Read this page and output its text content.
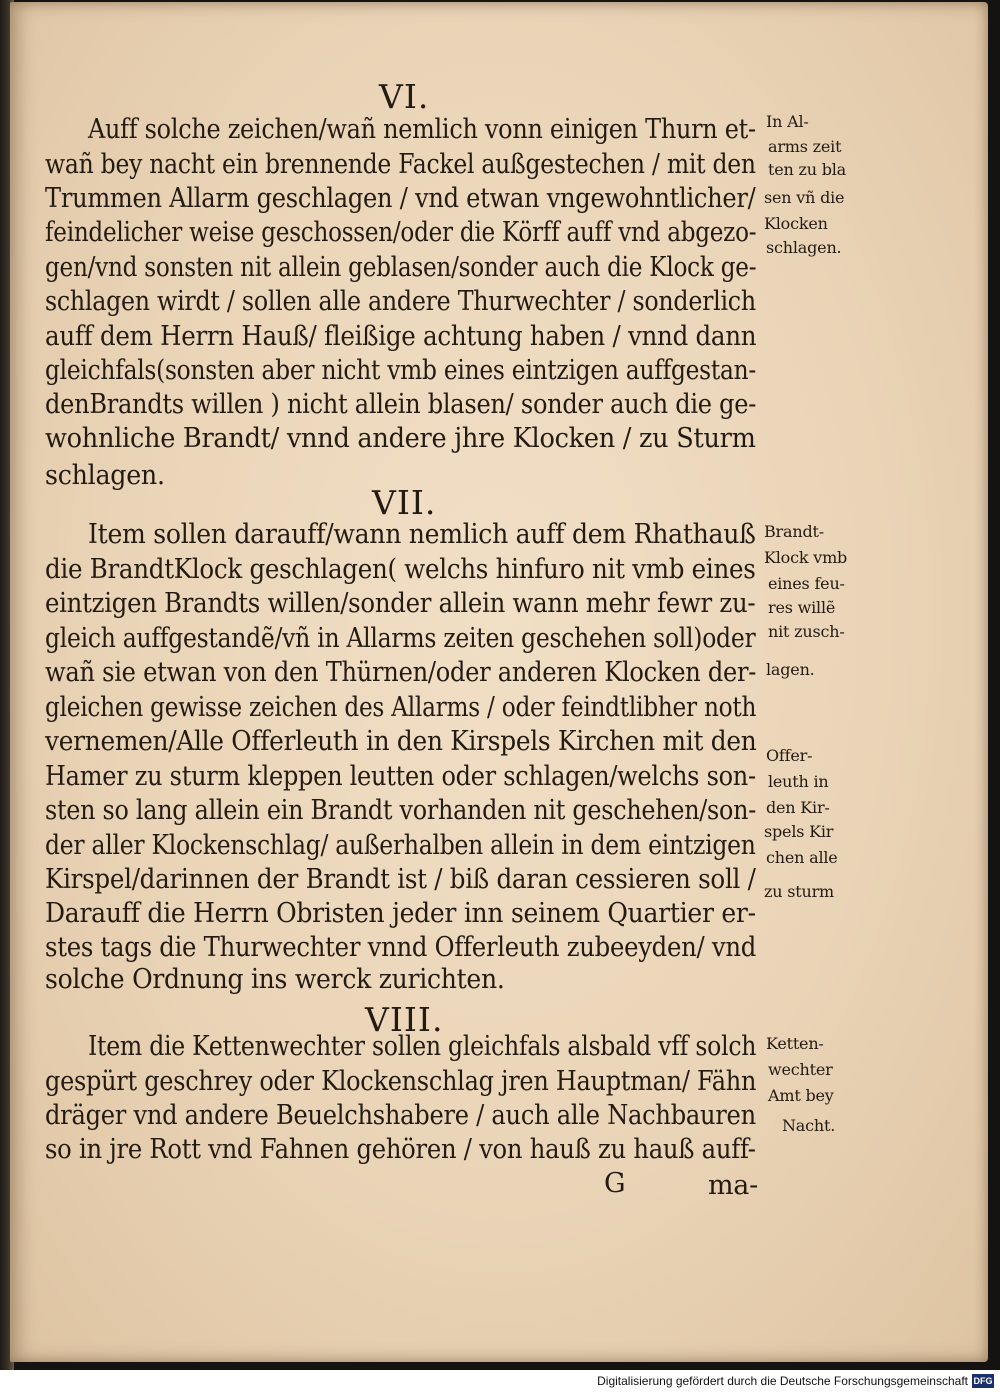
VI.
VII.
VIII.
Auff solche zeichen/wañ nemlich vonn einigen Thurn et-
wañ bey nacht ein brennende Fackel außgestechen / mit den
Trummen Allarm geschlagen / vnd etwan vngewohntlicher/
feindelicher weise geschossen/oder die Körff auff vnd abgezo-
gen/vnd sonsten nit allein geblasen/sonder auch die Klock ge-
schlagen wirdt / sollen alle andere Thurwechter / sonderlich
auff dem Herrn Hauß/ fleißige achtung haben / vnnd dann
gleichfals(sonsten aber nicht vmb eines eintzigen auffgestan-
denBrandts willen ) nicht allein blasen/ sonder auch die ge-
wohnliche Brandt/ vnnd andere jhre Klocken / zu Sturm
schlagen.
Item sollen darauff/wann nemlich auff dem Rhathauß
die BrandtKlock geschlagen( welchs hinfuro nit vmb eines
eintzigen Brandts willen/sonder allein wann mehr fewr zu-
gleich auffgestandẽ/vñ in Allarms zeiten geschehen soll)oder
wañ sie etwan von den Thürnen/oder anderen Klocken der-
gleichen gewisse zeichen des Allarms / oder feindtlibher noth
vernemen/Alle Offerleuth in den Kirspels Kirchen mit den
Hamer zu sturm kleppen leutten oder schlagen/welchs son-
sten so lang allein ein Brandt vorhanden nit geschehen/son-
der aller Klockenschlag/ außerhalben allein in dem eintzigen
Kirspel/darinnen der Brandt ist / biß daran cessieren soll /
Darauff die Herrn Obristen jeder inn seinem Quartier er-
stes tags die Thurwechter vnnd Offerleuth zubeeyden/ vnd
solche Ordnung ins werck zurichten.
Item die Kettenwechter sollen gleichfals alsbald vff solch
gespürt geschrey oder Klockenschlag jren Hauptman/ Fähn
dräger vnd andere Beuelchshabere / auch alle Nachbauren
so in jre Rott vnd Fahnen gehören / von hauß zu hauß auff-
G	ma-
In Al-
arms zeit
ten zu bla
sen vñ die
Klocken
schlagen.
Brandt-
Klock vmb
eines feu-
res willẽ
nit zusch-
lagen.
Offer-
leuth in
den Kir-
spels Kir
chen alle
zu sturm
Ketten-
wechter
Amt bey
Nacht.
Digitalisierung gefördert durch die Deutsche Forschungsgemeinschaft DFG
